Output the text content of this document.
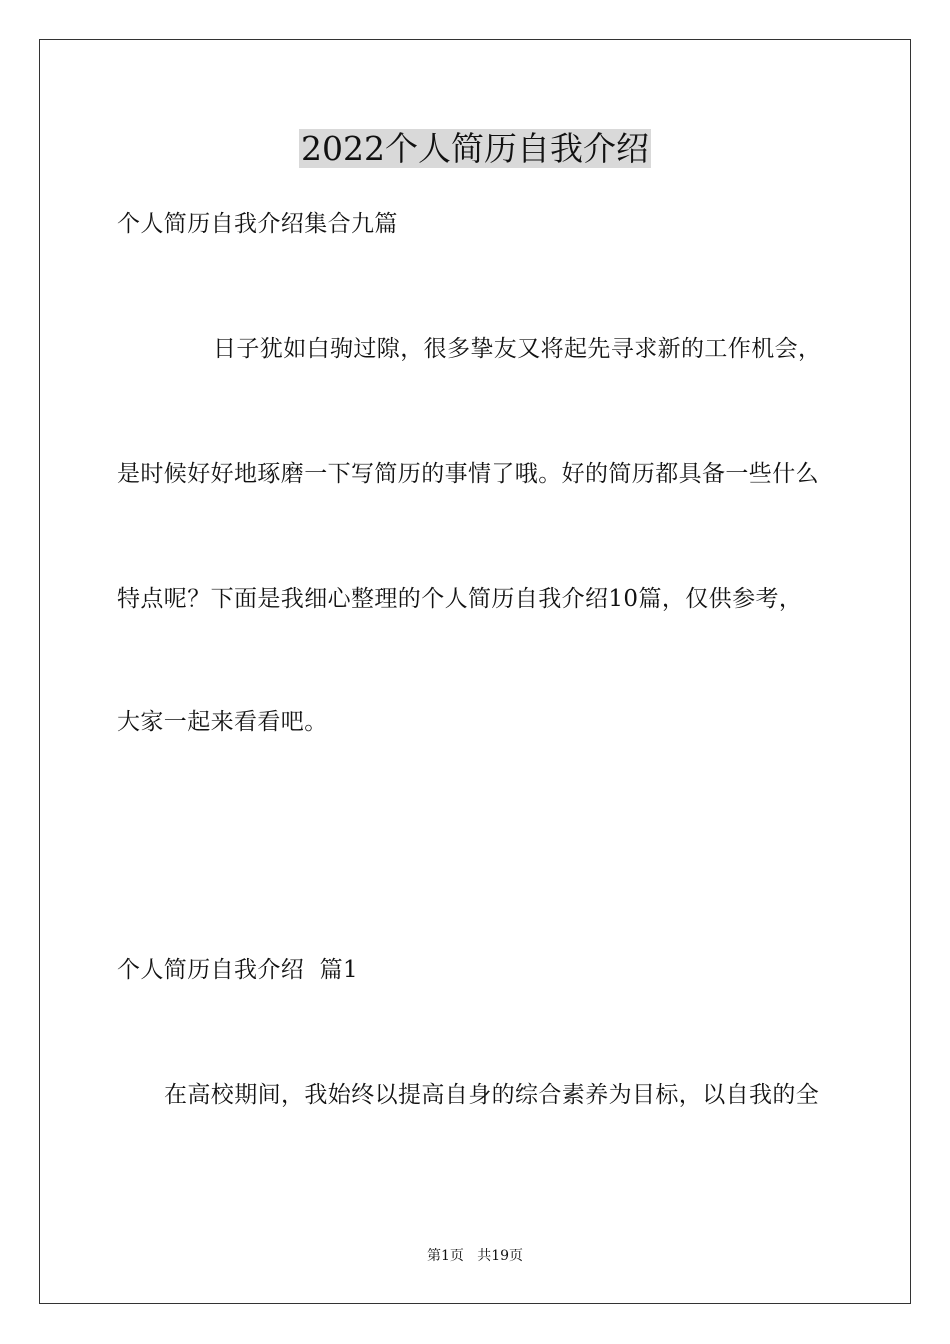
2022个人简历自我介绍
个人简历自我介绍集合九篇
日子犹如白驹过隙，很多挚友又将起先寻求新的工作机会，
是时候好好地琢磨一下写简历的事情了哦。好的简历都具备一些什么
特点呢？下面是我细心整理的个人简历自我介绍10篇，仅供参考，
大家一起来看看吧。
个人简历自我介绍  篇1
在高校期间，我始终以提高自身的综合素养为目标，以自我的全
第1页   共19页
